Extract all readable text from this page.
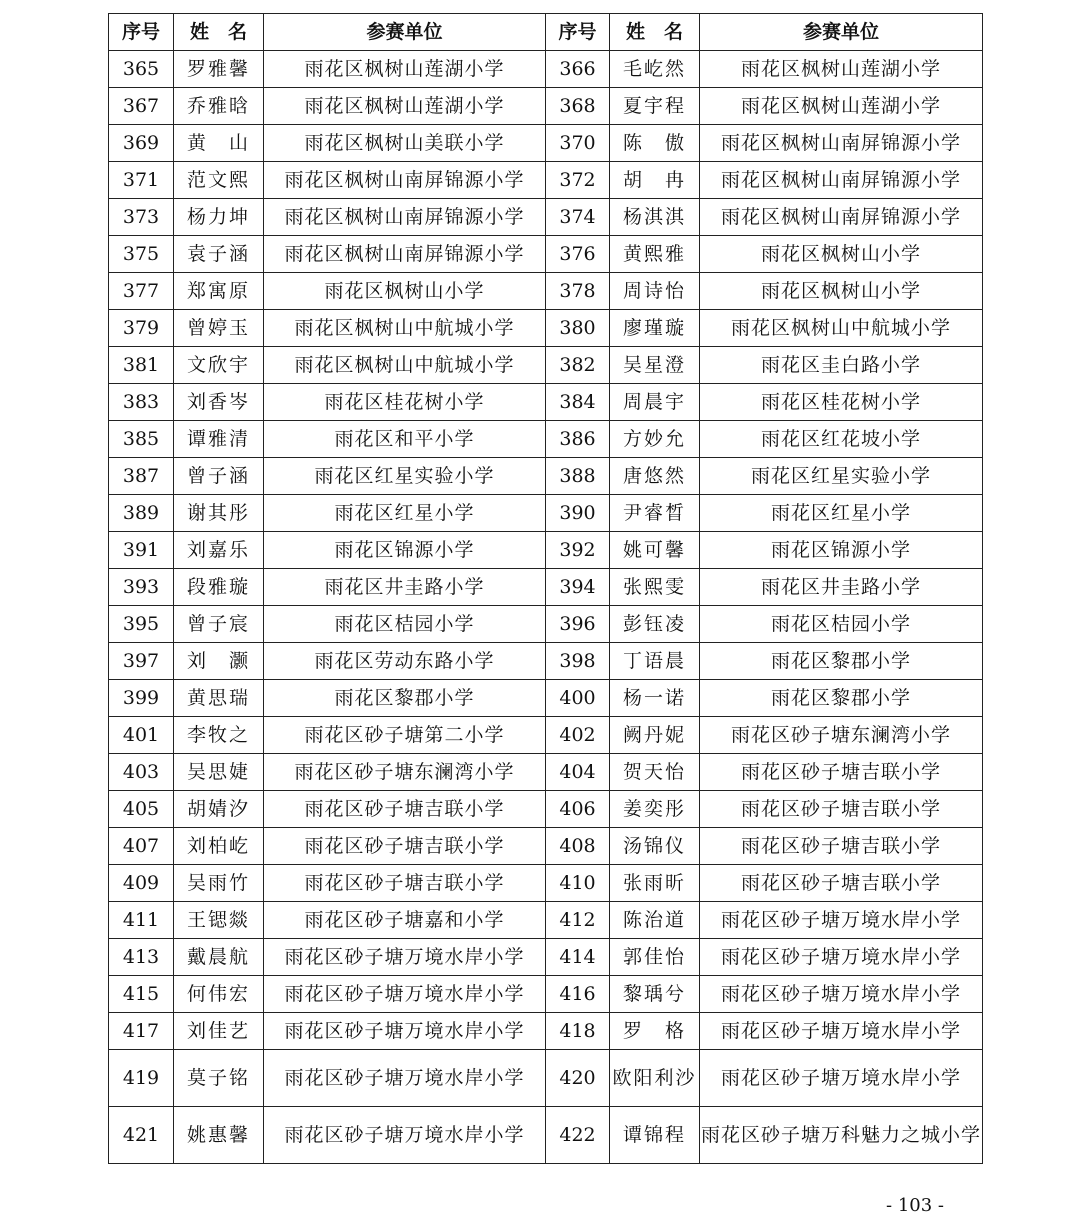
序号	姓　名	参赛单位	序号	姓　名	参赛单位
365	罗雅馨	雨花区枫树山莲湖小学	366	毛屹然	雨花区枫树山莲湖小学
367	乔雅晗	雨花区枫树山莲湖小学	368	夏宇程	雨花区枫树山莲湖小学
369	黄　山	雨花区枫树山美联小学	370	陈　傲	雨花区枫树山南屏锦源小学
371	范文熙	雨花区枫树山南屏锦源小学	372	胡　冉	雨花区枫树山南屏锦源小学
373	杨力坤	雨花区枫树山南屏锦源小学	374	杨淇淇	雨花区枫树山南屏锦源小学
375	袁子涵	雨花区枫树山南屏锦源小学	376	黄熙雅	雨花区枫树山小学
377	郑寓原	雨花区枫树山小学	378	周诗怡	雨花区枫树山小学
379	曾婷玉	雨花区枫树山中航城小学	380	廖瑾璇	雨花区枫树山中航城小学
381	文欣宇	雨花区枫树山中航城小学	382	吴星澄	雨花区圭白路小学
383	刘香岑	雨花区桂花树小学	384	周晨宇	雨花区桂花树小学
385	谭雅清	雨花区和平小学	386	方妙允	雨花区红花坡小学
387	曾子涵	雨花区红星实验小学	388	唐悠然	雨花区红星实验小学
389	谢其彤	雨花区红星小学	390	尹睿晳	雨花区红星小学
391	刘嘉乐	雨花区锦源小学	392	姚可馨	雨花区锦源小学
393	段雅璇	雨花区井圭路小学	394	张熙雯	雨花区井圭路小学
395	曾子宸	雨花区桔园小学	396	彭钰凌	雨花区桔园小学
397	刘　灏	雨花区劳动东路小学	398	丁语晨	雨花区黎郡小学
399	黄思瑞	雨花区黎郡小学	400	杨一诺	雨花区黎郡小学
401	李牧之	雨花区砂子塘第二小学	402	阙丹妮	雨花区砂子塘东澜湾小学
403	吴思婕	雨花区砂子塘东澜湾小学	404	贺天怡	雨花区砂子塘吉联小学
405	胡婧汐	雨花区砂子塘吉联小学	406	姜奕彤	雨花区砂子塘吉联小学
407	刘柏屹	雨花区砂子塘吉联小学	408	汤锦仪	雨花区砂子塘吉联小学
409	吴雨竹	雨花区砂子塘吉联小学	410	张雨昕	雨花区砂子塘吉联小学
411	王锶燚	雨花区砂子塘嘉和小学	412	陈治道	雨花区砂子塘万境水岸小学
413	戴晨航	雨花区砂子塘万境水岸小学	414	郭佳怡	雨花区砂子塘万境水岸小学
415	何伟宏	雨花区砂子塘万境水岸小学	416	黎瑀兮	雨花区砂子塘万境水岸小学
417	刘佳艺	雨花区砂子塘万境水岸小学	418	罗　格	雨花区砂子塘万境水岸小学
419	莫子铭	雨花区砂子塘万境水岸小学	420	欧阳利沙	雨花区砂子塘万境水岸小学
421	姚惠馨	雨花区砂子塘万境水岸小学	422	谭锦程	雨花区砂子塘万科魅力之城小学
- 103 -
